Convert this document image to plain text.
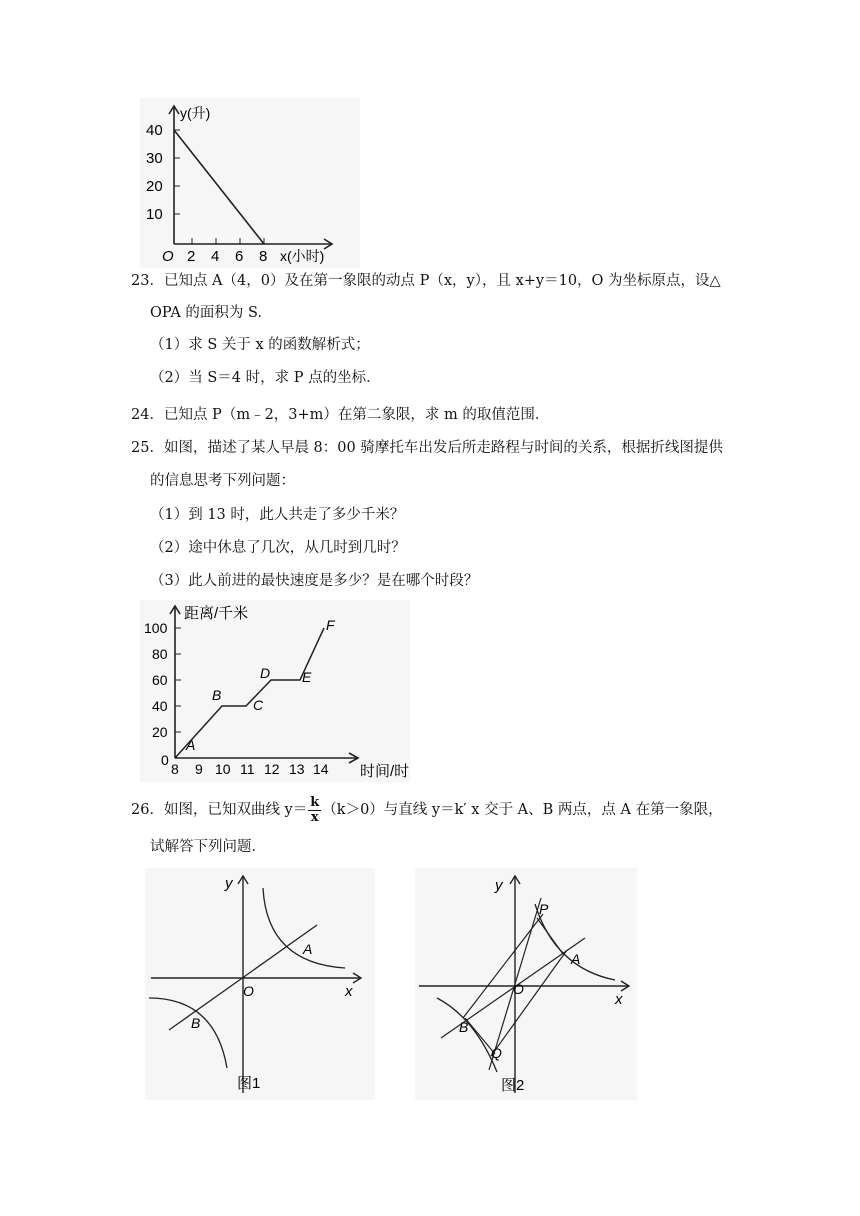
y(升)
40
30
20
10
O 2 4 6 8 x(小时)
23．已知点 A（4，0）及在第一象限的动点 P（x，y），且 x+y＝10，O 为坐标原点，设△
OPA 的面积为 S.
（1）求 S 关于 x 的函数解析式；
（2）当 S＝4 时，求 P 点的坐标．
24．已知点 P（m﹣2，3+m）在第二象限，求 m 的取值范围．
25．如图，描述了某人早晨 8：00 骑摩托车出发后所走路程与时间的关系，根据折线图提供
的信息思考下列问题：
（1）到 13 时，此人共走了多少千米？
（2）途中休息了几次，从几时到几时？
（3）此人前进的最快速度是多少？是在哪个时段？
距离/千米
100
80
60
40
20
0
8 9 10 11 12 13 14 时间/时
A
B
C
D E
F
26．如图，已知双曲线 $y= \frac{k}{x} (k>0)$与直线 y＝k′ x 交于 A、B 两点，点 A 在第一象限，
试解答下列问题．
y
x
O
A
B
图1
y
x
O
P
A
B
Q
图2
